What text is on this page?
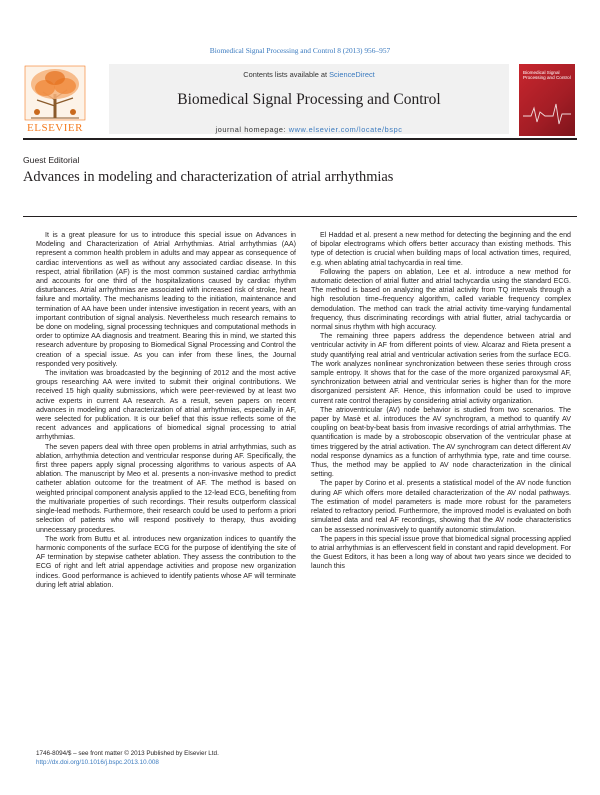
Biomedical Signal Processing and Control 8 (2013) 956–957
ELSEVIER
Contents lists available at ScienceDirect
Biomedical Signal Processing and Control
journal homepage: www.elsevier.com/locate/bspc
Biomedical Signal Processing and Control
Guest Editorial
Advances in modeling and characterization of atrial arrhythmias

It is a great pleasure for us to introduce this special issue on Advances in Modeling and Characterization of Atrial Arrhythmias. Atrial arrhythmias (AA) represent a common health problem in adults and may appear as consequence of cardiac interventions as well as without any associated cardiac disease. In this respect, atrial fibrillation (AF) is the most common sustained cardiac arrhythmia and accounts for one third of the hospitalizations caused by cardiac rhythm disturbances. Atrial arrhythmias are associated with increased risk of stroke, heart failure and mortality. The mechanisms leading to the initiation, maintenance and termination of AA have been under intensive investigation in recent years, with an important contribution of signal analysis. Nevertheless much research remains to be done on modeling, signal processing techniques and computational methods in order to optimize AA diagnosis and treatment. Bearing this in mind, we started this research adventure by proposing to Biomedical Signal Processing and Control the creation of a special issue. As you can infer from these lines, the Journal responded very positively.

The invitation was broadcasted by the beginning of 2012 and the most active groups researching AA were invited to submit their original contributions. We received 15 high quality submissions, which were peer-reviewed by at least two active experts in current AA research. As a result, seven papers on recent advances in modeling and characterization of atrial arrhythmias, especially in AF, were selected for publication. It is our belief that this issue reflects some of the recent advances and applications of biomedical signal processing to atrial arrhythmias.

The seven papers deal with three open problems in atrial arrhythmias, such as ablation, arrhythmia detection and ventricular response during AF. Specifically, the first three papers apply signal processing algorithms to various aspects of AA ablation. The manuscript by Meo et al. presents a non-invasive method to predict catheter ablation outcome for the treatment of AF. The method is based on weighted principal component analysis applied to the 12-lead ECG, benefiting from the multivariate properties of such recordings. Their results outperform classical single-lead methods. Furthermore, their research could be used to perform a priori selection of patients who will respond positively to therapy, thus avoiding unnecessary procedures.

The work from Buttu et al. introduces new organization indices to quantify the harmonic components of the surface ECG for the purpose of identifying the site of AF termination by stepwise catheter ablation. They assess the contribution to the ECG of right and left atrial appendage activities and propose new organization indices. Good performance is achieved to identify patients whose AF will terminate during left atrial ablation.

El Haddad et al. present a new method for detecting the beginning and the end of bipolar electrograms which offers better accuracy than existing methods. This type of detection is crucial when building maps of local activation times, required, e.g. when ablating atrial tachycardia in real time.

Following the papers on ablation, Lee et al. introduce a new method for automatic detection of atrial flutter and atrial tachycardia using the standard ECG. The method is based on analyzing the atrial activity from TQ intervals through a high resolution time–frequency algorithm, called variable frequency complex demodulation. The method can track the atrial activity time-varying fundamental frequency, thus discriminating recordings with atrial flutter, atrial tachycardia or normal sinus rhythm with high accuracy.

The remaining three papers address the dependence between atrial and ventricular activity in AF from different points of view. Alcaraz and Rieta present a study quantifying real atrial and ventricular activation series from the surface ECG. The work analyzes nonlinear synchronization between these series through cross sample entropy. It shows that for the case of the more organized paroxysmal AF, synchronization between atrial and ventricular series is higher than for the more disorganized persistent AF. Hence, this information could be used to improve current rate control therapies by considering atrial activity organization.

The atrioventricular (AV) node behavior is studied from two scenarios. The paper by Masè et al. introduces the AV synchrogram, a method to quantify AV coupling on beat-by-beat basis from invasive recordings of atrial arrhythmias. The quantification is made by a stroboscopic observation of the ventricular phase at times triggered by the atrial activation. The AV synchrogram can detect different AV nodal response dynamics as a function of arrhythmia type, rate and time course. Thus, the method may be applied to AV node characterization in the clinical setting.

The paper by Corino et al. presents a statistical model of the AV node function during AF which offers more detailed characterization of the AV nodal pathways. The estimation of model parameters is made more robust for the parameters related to refractory period. Furthermore, the improved model is evaluated on both simulated data and real AF recordings, showing that the AV node characteristics can be assessed noninvasively to quantify autonomic stimulation.

The papers in this special issue prove that biomedical signal processing applied to atrial arrhythmias is an effervescent field in constant and rapid development. For the Guest Editors, it has been a long way of about two years since we decided to launch this

1746-8094/$ – see front matter © 2013 Published by Elsevier Ltd.
http://dx.doi.org/10.1016/j.bspc.2013.10.008
